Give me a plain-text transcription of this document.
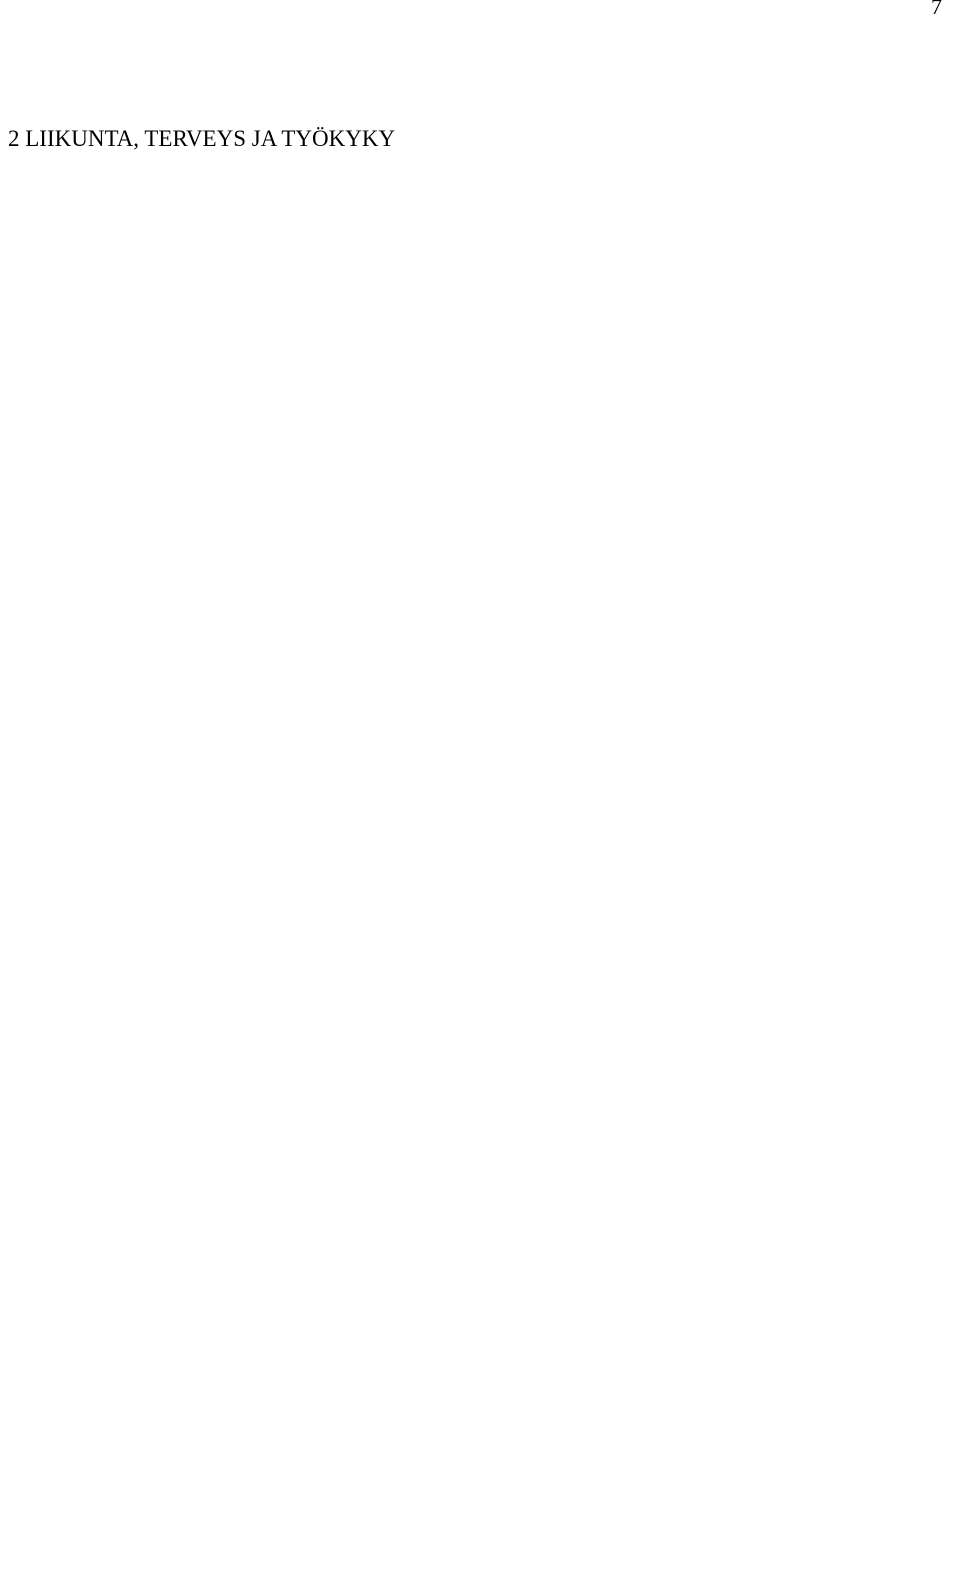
7
2 LIIKUNTA, TERVEYS JA TYÖKYKY
